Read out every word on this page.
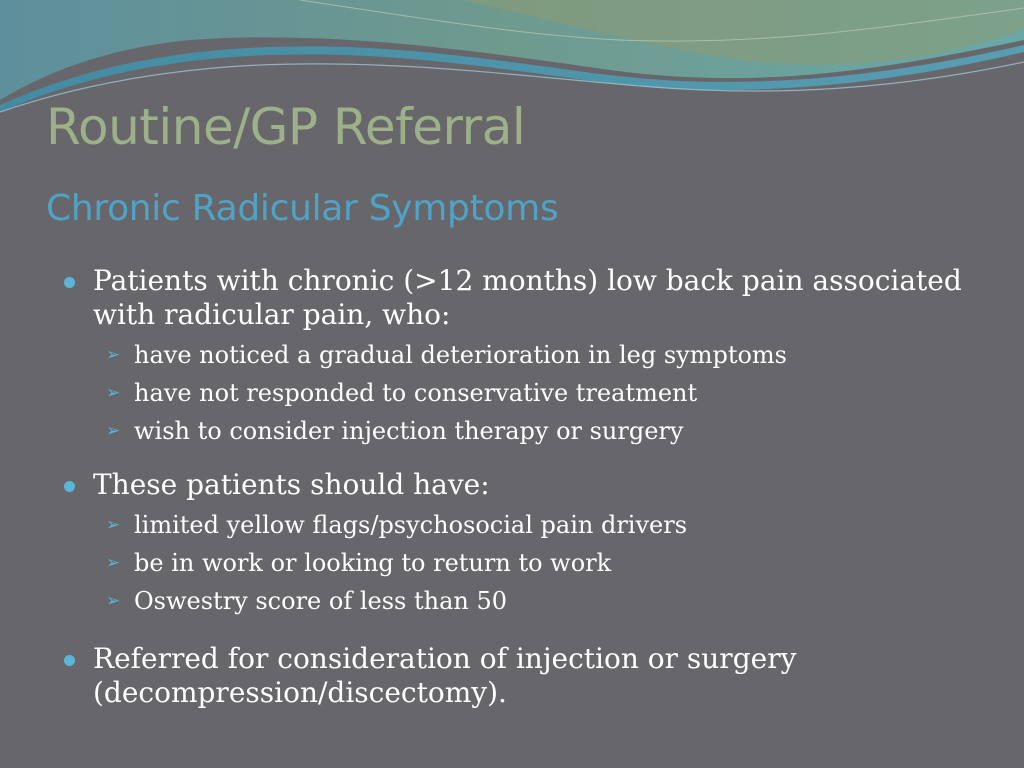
Routine/GP Referral
Chronic Radicular Symptoms
Patients with chronic (>12 months) low back pain associated with radicular pain, who:
➢ have noticed a gradual deterioration in leg symptoms
➢ have not responded to conservative treatment
➢ wish to consider injection therapy or surgery
These patients should have:
➢ limited yellow flags/psychosocial pain drivers
➢ be in work or looking to return to work
➢ Oswestry score of less than 50
Referred for consideration of injection or surgery (decompression/discectomy).
